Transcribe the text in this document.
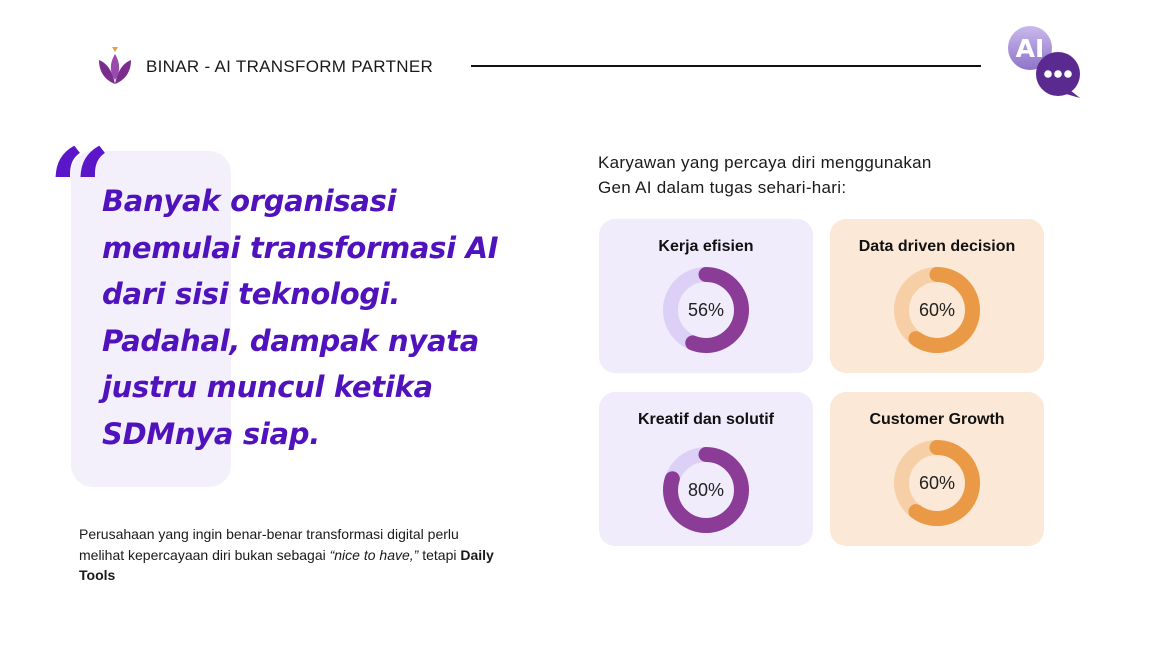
BINAR - AI TRANSFORM PARTNER
AI
“
Banyak organisasi
memulai transformasi AI
dari sisi teknologi.
Padahal, dampak nyata
justru muncul ketika
SDMnya siap.
Perusahaan yang ingin benar-benar transformasi digital perlu melihat kepercayaan diri bukan sebagai “nice to have,” tetapi Daily Tools
Karyawan yang percaya diri menggunakan
Gen AI dalam tugas sehari-hari:
Kerja efisien
56%
Data driven decision
60%
Kreatif dan solutif
80%
Customer Growth
60%
